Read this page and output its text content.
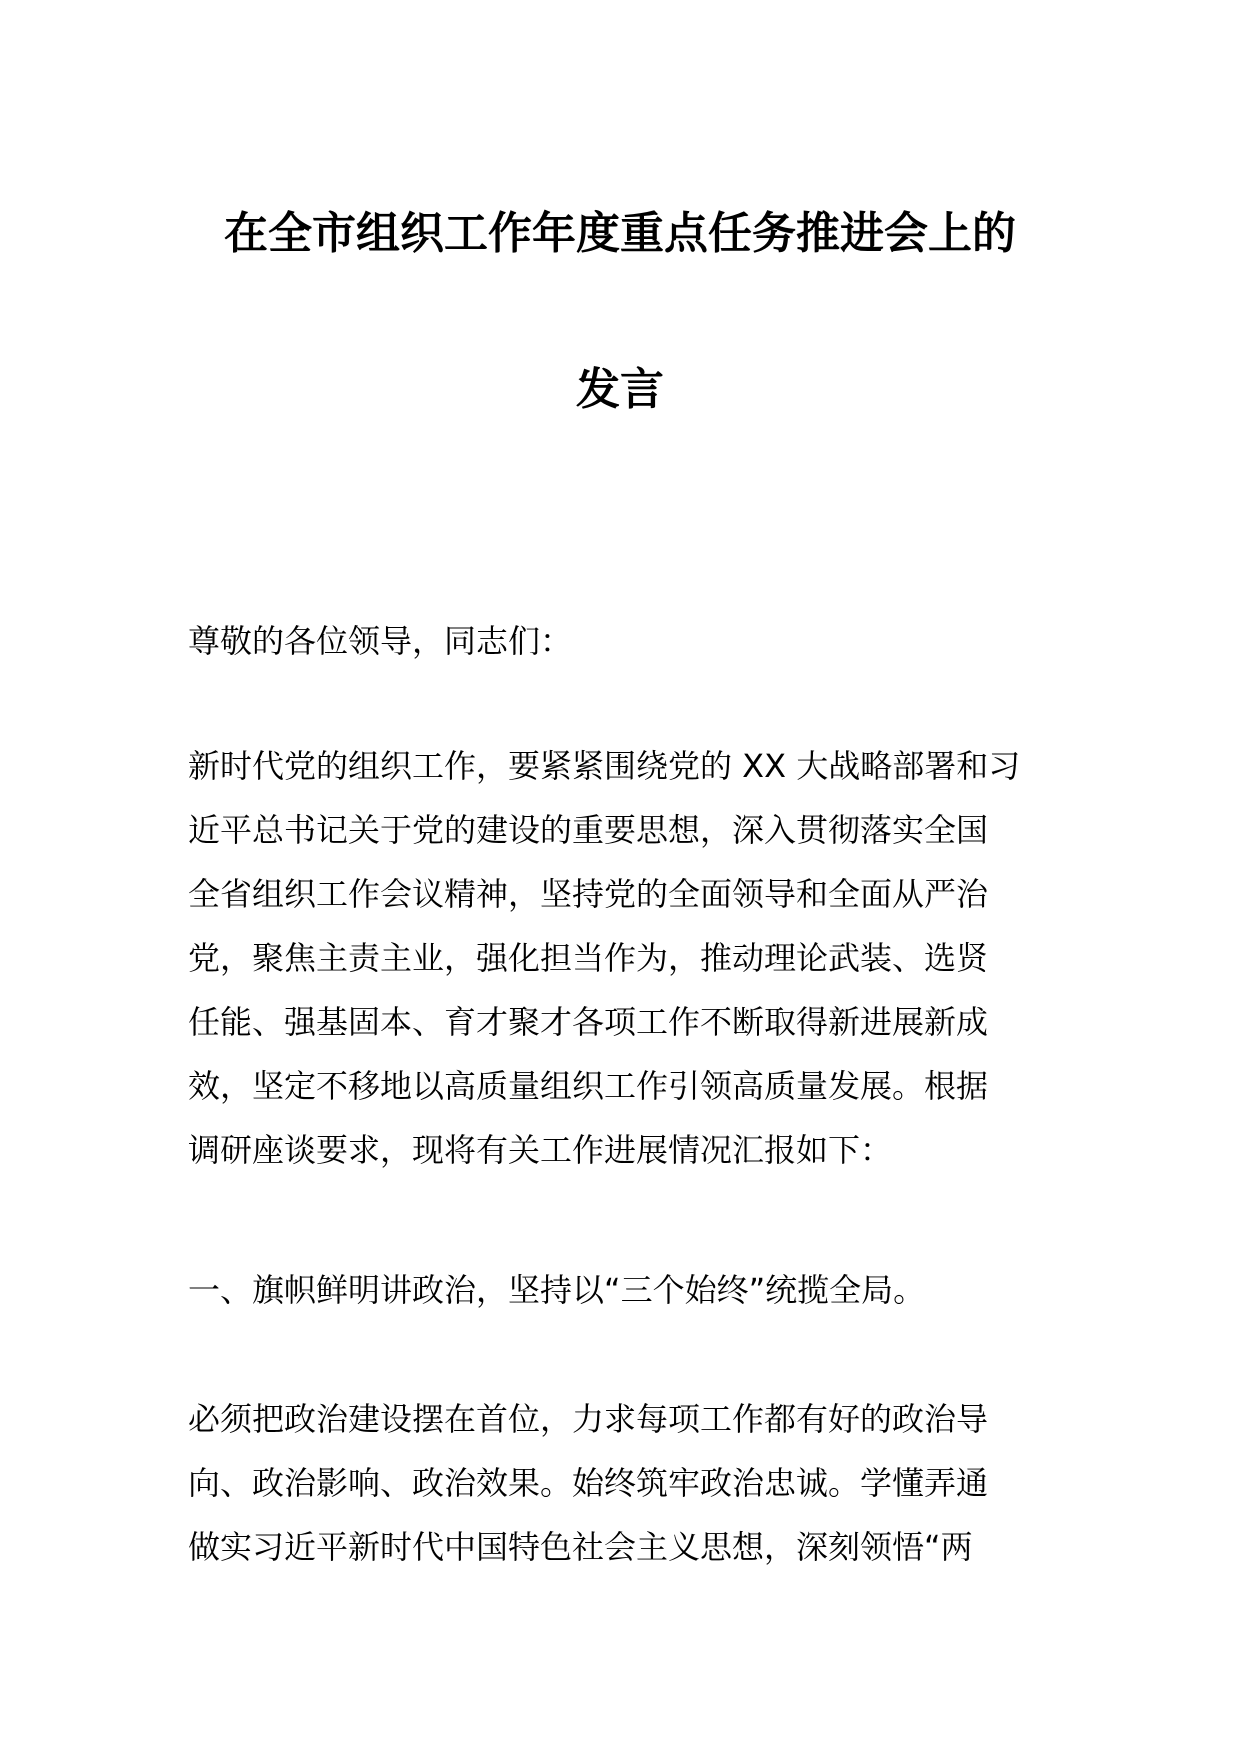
在全市组织工作年度重点任务推进会上的
发言

尊敬的各位领导，同志们：

新时代党的组织工作，要紧紧围绕党的 XX 大战略部署和习
近平总书记关于党的建设的重要思想，深入贯彻落实全国
全省组织工作会议精神，坚持党的全面领导和全面从严治
党，聚焦主责主业，强化担当作为，推动理论武装、选贤
任能、强基固本、育才聚才各项工作不断取得新进展新成
效，坚定不移地以高质量组织工作引领高质量发展。根据
调研座谈要求，现将有关工作进展情况汇报如下：

一、旗帜鲜明讲政治，坚持以“三个始终”统揽全局。

必须把政治建设摆在首位，力求每项工作都有好的政治导
向、政治影响、政治效果。始终筑牢政治忠诚。学懂弄通
做实习近平新时代中国特色社会主义思想，深刻领悟“两
